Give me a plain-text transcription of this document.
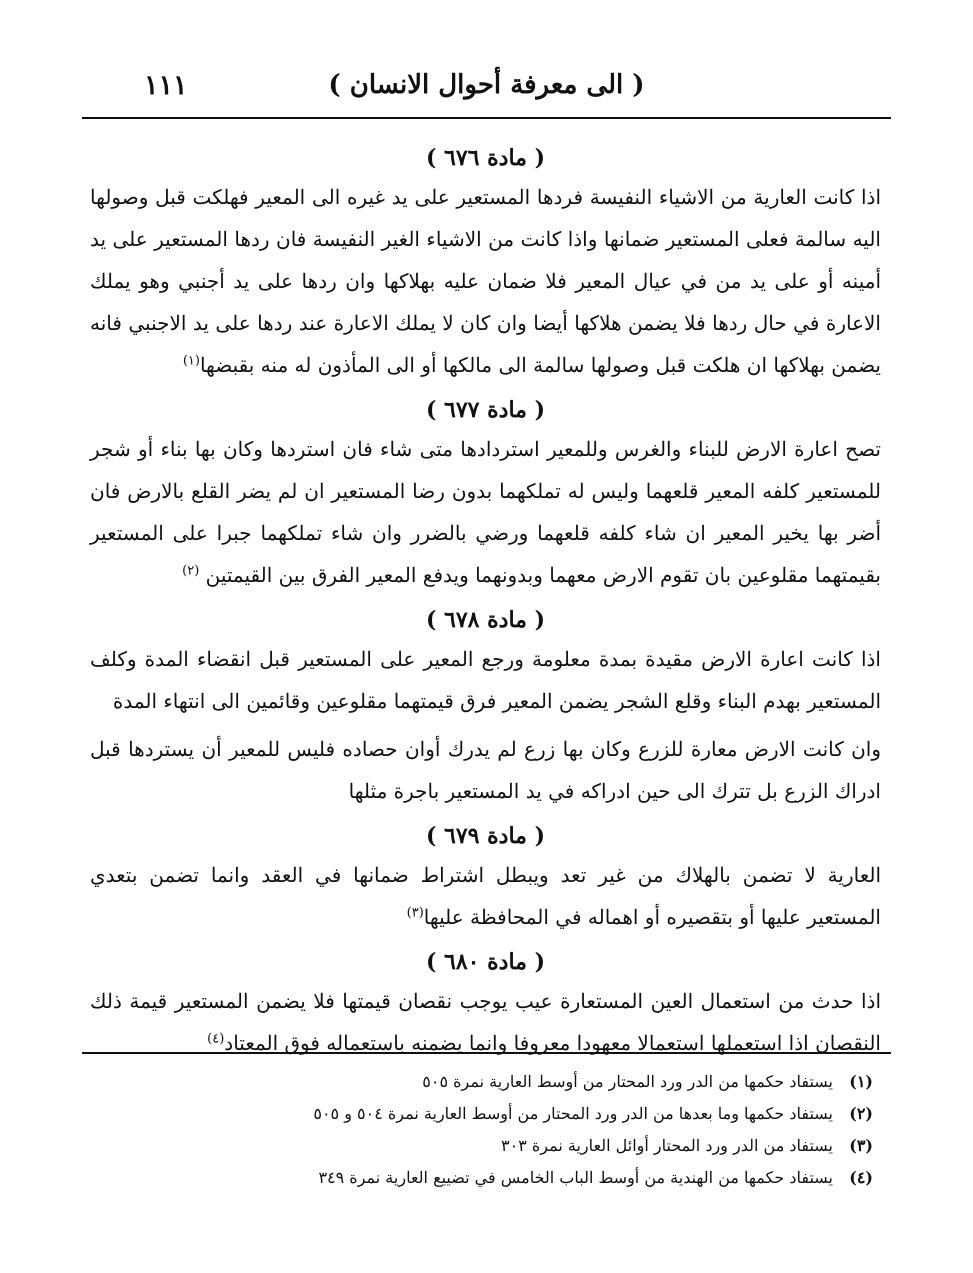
( الى معرفة أحوال الانسان )
١١١
( مادة ٦٧٦ )

اذا كانت العارية من الاشياء النفيسة فردها المستعير على يد غيره الى المعير فهلكت قبل وصولها اليه سالمة فعلى المستعير ضمانها واذا كانت من الاشياء الغير النفيسة فان ردها المستعير على يد أمينه أو على يد من في عيال المعير فلا ضمان عليه بهلاكها وان ردها على يد أجنبي وهو يملك الاعارة في حال ردها فلا يضمن هلاكها أيضا وان كان لا يملك الاعارة عند ردها على يد الاجنبي فانه يضمن بهلاكها ان هلكت قبل وصولها سالمة الى مالكها أو الى المأذون له منه بقبضها$^{(١)}$

( مادة ٦٧٧ )

تصح اعارة الارض للبناء والغرس وللمعير استردادها متى شاء فان استردها وكان بها بناء أو شجر للمستعير كلفه المعير قلعهما وليس له تملكهما بدون رضا المستعير ان لم يضر القلع بالارض فان أضر بها يخير المعير ان شاء كلفه قلعهما ورضي بالضرر وان شاء تملكهما جبرا على المستعير بقيمتهما مقلوعين بان تقوم الارض معهما وبدونهما ويدفع المعير الفرق بين القيمتين $^{(٢)}$

( مادة ٦٧٨ )

اذا كانت اعارة الارض مقيدة بمدة معلومة ورجع المعير على المستعير قبل انقضاء المدة وكلف المستعير بهدم البناء وقلع الشجر يضمن المعير فرق قيمتهما مقلوعين وقائمين الى انتهاء المدة

وان كانت الارض معارة للزرع وكان بها زرع لم يدرك أوان حصاده فليس للمعير أن يستردها قبل ادراك الزرع بل تترك الى حين ادراكه في يد المستعير باجرة مثلها

( مادة ٦٧٩ )

العارية لا تضمن بالهلاك من غير تعد ويبطل اشتراط ضمانها في العقد وانما تضمن بتعدي المستعير عليها أو بتقصيره أو اهماله في المحافظة عليها$^{(٣)}$

( مادة ٦٨٠ )

اذا حدث من استعمال العين المستعارة عيب يوجب نقصان قيمتها فلا يضمن المستعير قيمة ذلك النقصان اذا استعملها استعمالا معهودا معروفا وانما يضمنه باستعماله فوق المعتاد$^{(٤)}$

(١)
يستفاد حكمها من الدر ورد المحتار من أوسط العارية نمرة ٥٠٥
(٢)
يستفاد حكمها وما بعدها من الدر ورد المحتار من أوسط العارية نمرة ٥٠٤ و ٥٠٥
(٣)
يستفاد من الدر ورد المحتار أوائل العارية نمرة ٣٠٣
(٤)
يستفاد حكمها من الهندية من أوسط الباب الخامس في تضييع العارية نمرة ٣٤٩
